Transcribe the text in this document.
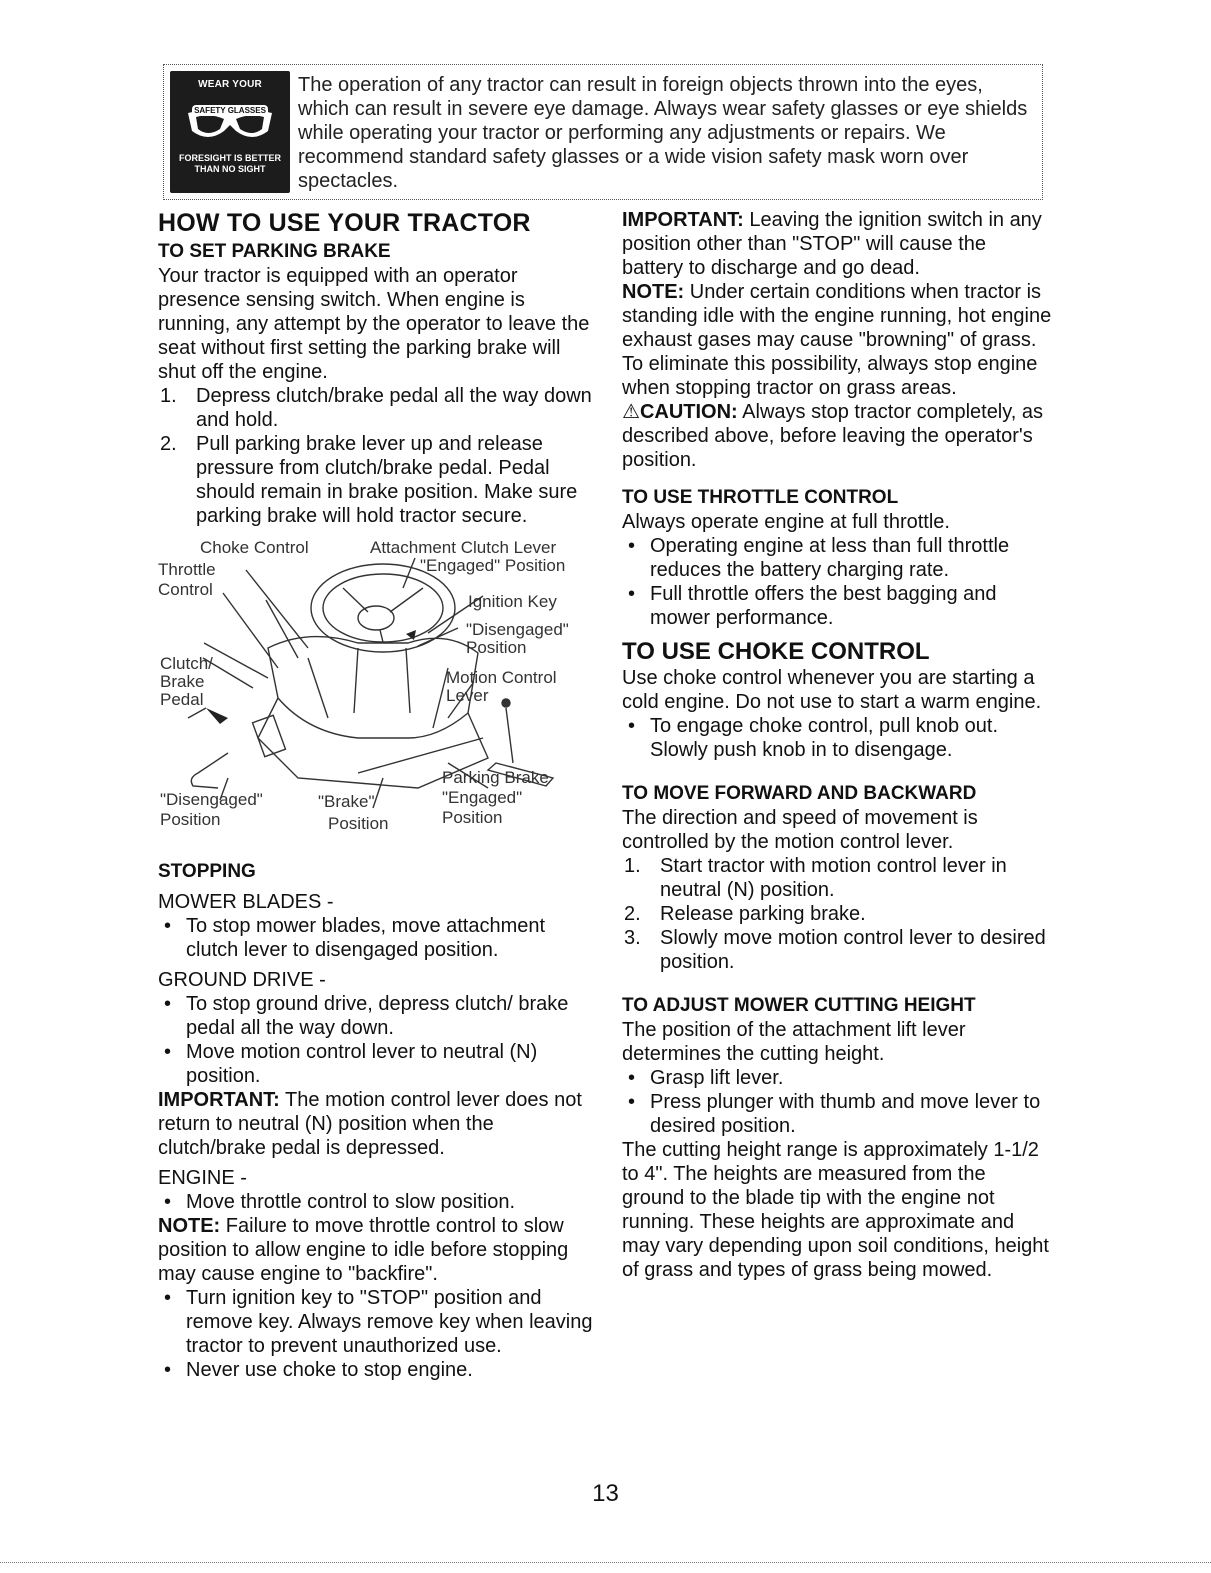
WEAR YOUR
SAFETY GLASSES
FORESIGHT IS BETTER THAN NO SIGHT
The operation of any tractor can result in foreign objects thrown into the eyes, which can result in severe eye damage. Always wear safety glasses or eye shields while operating your tractor or performing any adjustments or repairs. We recommend standard safety glasses or a wide vision safety mask worn over spectacles.
HOW TO USE YOUR TRACTOR
TO SET PARKING BRAKE

Your tractor is equipped with an operator presence sensing switch. When engine is running, any attempt by the operator to leave the seat without first setting the parking brake will shut off the engine.

1. Depress clutch/brake pedal all the way down and hold.
2. Pull parking brake lever up and release pressure from clutch/brake pedal. Pedal should remain in brake position. Make sure parking brake will hold tractor secure.
Choke Control	Attachment Clutch Lever
"Engaged" Position
Throttle
Control
Ignition Key
"Disengaged"
Position
Clutch/
Brake	Motion Control
Pedal	Lever
Parking Brake
"Disengaged"	"Brake"	"Engaged"
Position	Position	Position
STOPPING
MOWER BLADES -
• To stop mower blades, move attachment clutch lever to disengaged position.
GROUND DRIVE -
• To stop ground drive, depress clutch/ brake pedal all the way down.
• Move motion control lever to neutral (N) position.

IMPORTANT: The motion control lever does not return to neutral (N) position when the clutch/brake pedal is depressed.

ENGINE -
• Move throttle control to slow position.

NOTE: Failure to move throttle control to slow position to allow engine to idle before stopping may cause engine to "backfire".

• Turn ignition key to "STOP" position and remove key. Always remove key when leaving tractor to prevent unauthorized use.
• Never use choke to stop engine.

IMPORTANT: Leaving the ignition switch in any position other than "STOP" will cause the battery to discharge and go dead.

NOTE: Under certain conditions when tractor is standing idle with the engine running, hot engine exhaust gases may cause "browning" of grass. To eliminate this possibility, always stop engine when stopping tractor on grass areas.

⚠CAUTION: Always stop tractor completely, as described above, before leaving the operator's position.

TO USE THROTTLE CONTROL

Always operate engine at full throttle.

• Operating engine at less than full throttle reduces the battery charging rate.
• Full throttle offers the best bagging and mower performance.
TO USE CHOKE CONTROL

Use choke control whenever you are starting a cold engine. Do not use to start a warm engine.

• To engage choke control, pull knob out. Slowly push knob in to disengage.
TO MOVE FORWARD AND BACKWARD

The direction and speed of movement is controlled by the motion control lever.

1. Start tractor with motion control lever in neutral (N) position.
2. Release parking brake.
3. Slowly move motion control lever to desired position.
TO ADJUST MOWER CUTTING HEIGHT

The position of the attachment lift lever determines the cutting height.

• Grasp lift lever.
• Press plunger with thumb and move lever to desired position.

The cutting height range is approximately 1-1/2 to 4". The heights are measured from the ground to the blade tip with the engine not running. These heights are approximate and may vary depending upon soil conditions, height of grass and types of grass being mowed.

13
